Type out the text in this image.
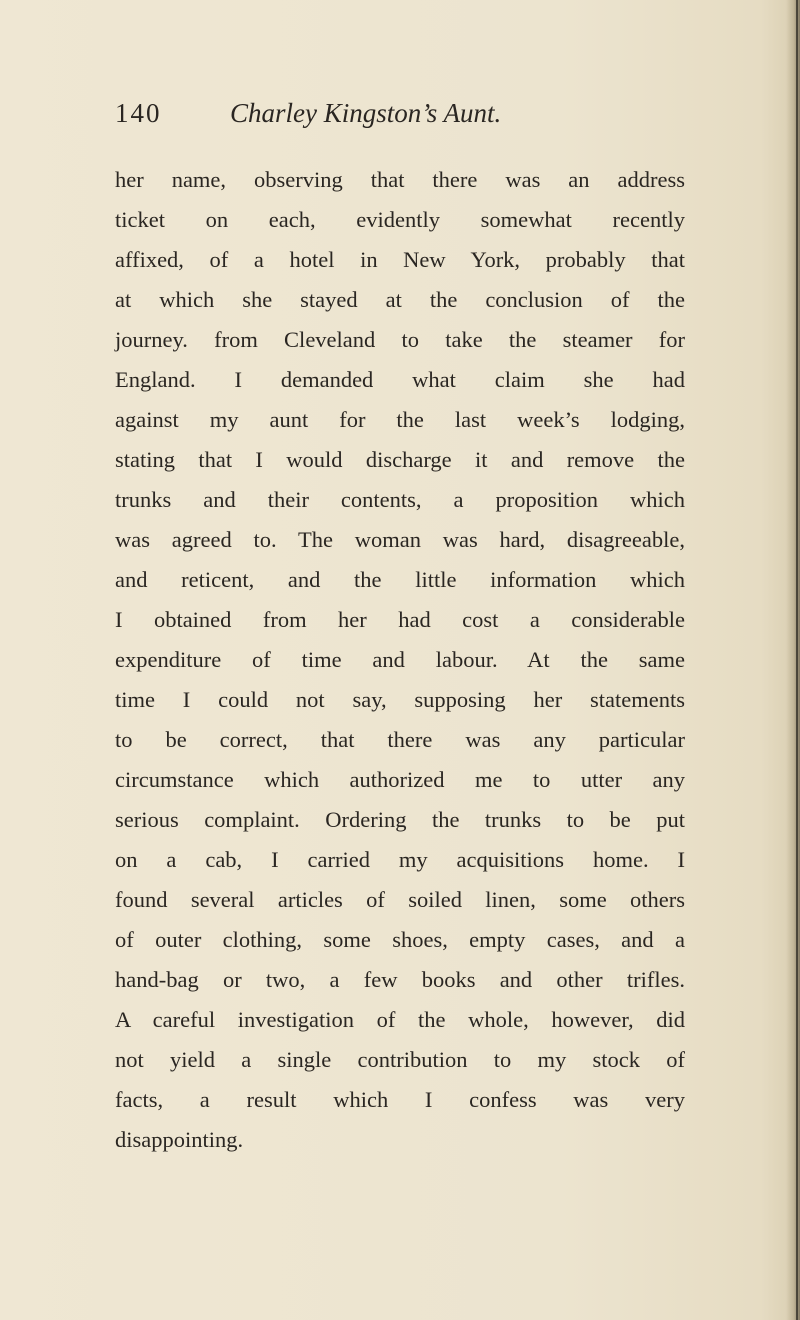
140	Charley Kingston’s Aunt.
her name, observing that there was an address
ticket on each, evidently somewhat recently
affixed, of a hotel in New York, probably that
at which she stayed at the conclusion of the
journey. from Cleveland to take the steamer for
England. I demanded what claim she had
against my aunt for the last week’s lodging,
stating that I would discharge it and remove the
trunks and their contents, a proposition which
was agreed to. The woman was hard, disagreeable,
and reticent, and the little information which
I obtained from her had cost a considerable
expenditure of time and labour. At the same
time I could not say, supposing her statements
to be correct, that there was any particular
circumstance which authorized me to utter any
serious complaint. Ordering the trunks to be put
on a cab, I carried my acquisitions home. I
found several articles of soiled linen, some others
of outer clothing, some shoes, empty cases, and a
hand-bag or two, a few books and other trifles.
A careful investigation of the whole, however, did
not yield a single contribution to my stock of
facts, a result which I confess was very
disappointing.
